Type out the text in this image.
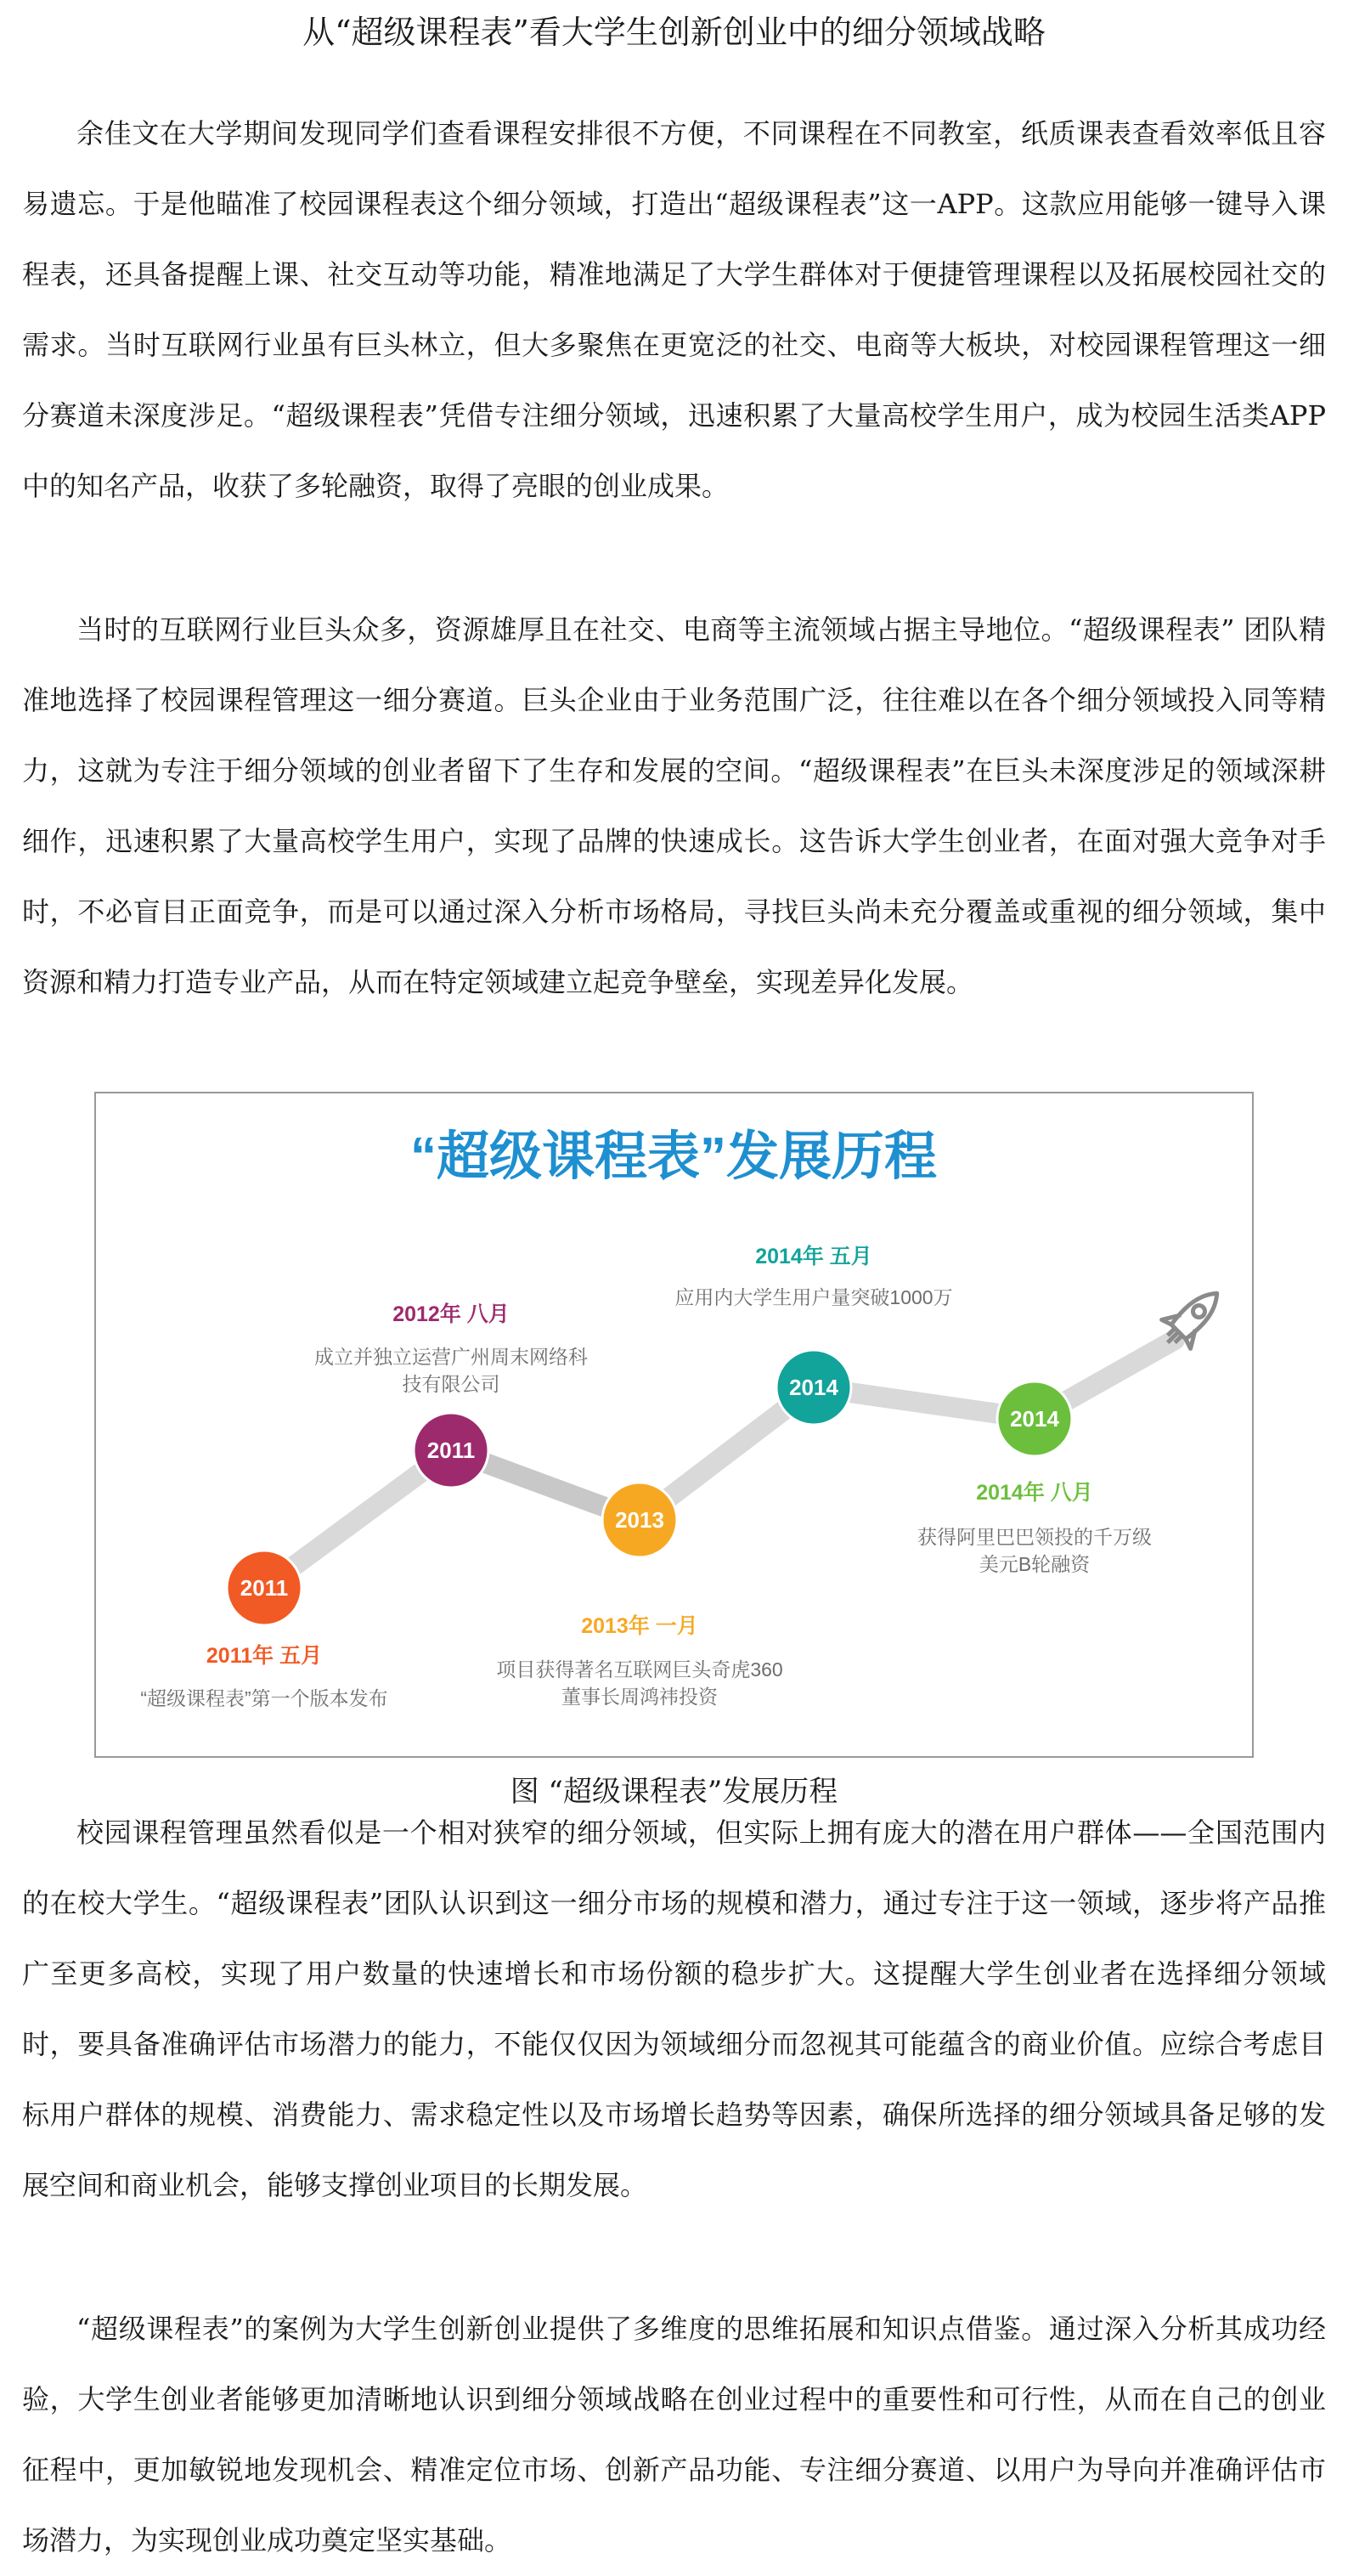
从“超级课程表”看大学生创新创业中的细分领域战略

余佳文在大学期间发现同学们查看课程安排很不方便，不同课程在不同教室，纸质课表查看效率低且容易遗忘。于是他瞄准了校园课程表这个细分领域，打造出“超级课程表”这一APP。这款应用能够一键导入课程表，还具备提醒上课、社交互动等功能，精准地满足了大学生群体对于便捷管理课程以及拓展校园社交的需求。当时互联网行业虽有巨头林立，但大多聚焦在更宽泛的社交、电商等大板块，对校园课程管理这一细分赛道未深度涉足。“超级课程表”凭借专注细分领域，迅速积累了大量高校学生用户，成为校园生活类APP中的知名产品，收获了多轮融资，取得了亮眼的创业成果。

当时的互联网行业巨头众多，资源雄厚且在社交、电商等主流领域占据主导地位。“超级课程表” 团队精准地选择了校园课程管理这一细分赛道。巨头企业由于业务范围广泛，往往难以在各个细分领域投入同等精力，这就为专注于细分领域的创业者留下了生存和发展的空间。“超级课程表”在巨头未深度涉足的领域深耕细作，迅速积累了大量高校学生用户，实现了品牌的快速成长。这告诉大学生创业者，在面对强大竞争对手时，不必盲目正面竞争，而是可以通过深入分析市场格局，寻找巨头尚未充分覆盖或重视的细分领域，集中资源和精力打造专业产品，从而在特定领域建立起竞争壁垒，实现差异化发展。

“超级课程表”发展历程
2011
2011年 五月
“超级课程表”第一个版本发布
2011
2012年 八月
成立并独立运营广州周末网络科
技有限公司
2013
2013年 一月
项目获得著名互联网巨头奇虎360
董事长周鸿祎投资
2014
2014年 五月
应用内大学生用户量突破1000万
2014
2014年 八月
获得阿里巴巴领投的千万级
美元B轮融资

图 “超级课程表”发展历程

校园课程管理虽然看似是一个相对狭窄的细分领域，但实际上拥有庞大的潜在用户群体——全国范围内的在校大学生。“超级课程表”团队认识到这一细分市场的规模和潜力，通过专注于这一领域，逐步将产品推广至更多高校，实现了用户数量的快速增长和市场份额的稳步扩大。这提醒大学生创业者在选择细分领域时，要具备准确评估市场潜力的能力，不能仅仅因为领域细分而忽视其可能蕴含的商业价值。应综合考虑目标用户群体的规模、消费能力、需求稳定性以及市场增长趋势等因素，确保所选择的细分领域具备足够的发展空间和商业机会，能够支撑创业项目的长期发展。

“超级课程表”的案例为大学生创新创业提供了多维度的思维拓展和知识点借鉴。通过深入分析其成功经验，大学生创业者能够更加清晰地认识到细分领域战略在创业过程中的重要性和可行性，从而在自己的创业征程中，更加敏锐地发现机会、精准定位市场、创新产品功能、专注细分赛道、以用户为导向并准确评估市场潜力，为实现创业成功奠定坚实基础。
